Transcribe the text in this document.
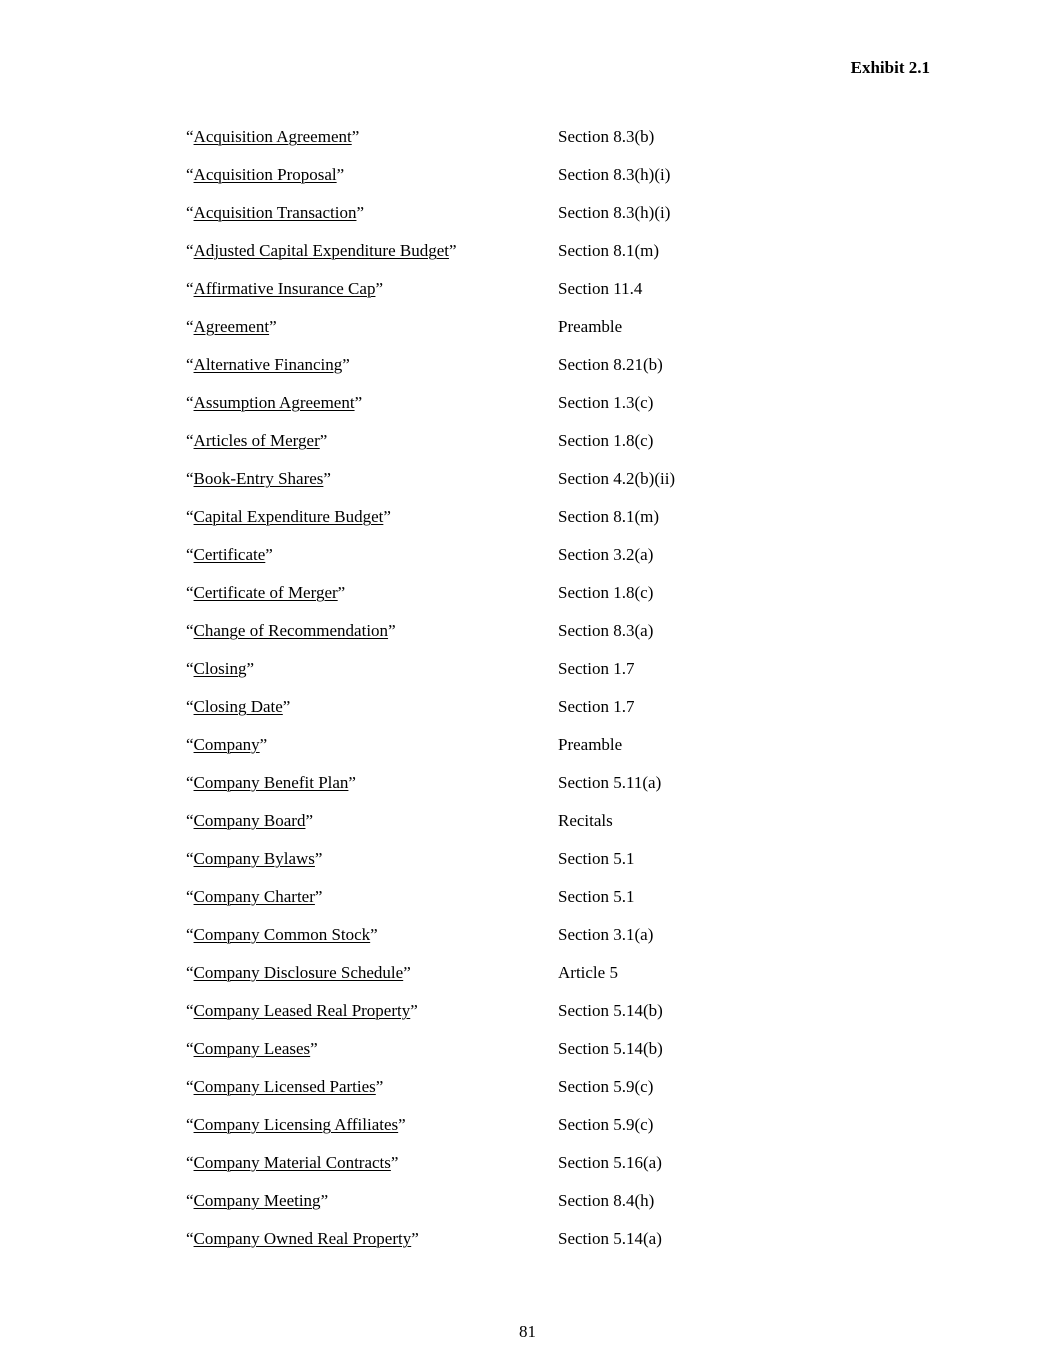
Exhibit 2.1

“Acquisition Agreement”	Section 8.3(b)
“Acquisition Proposal”	Section 8.3(h)(i)
“Acquisition Transaction”	Section 8.3(h)(i)
“Adjusted Capital Expenditure Budget”	Section 8.1(m)
“Affirmative Insurance Cap”	Section 11.4
“Agreement”	Preamble
“Alternative Financing”	Section 8.21(b)
“Assumption Agreement”	Section 1.3(c)
“Articles of Merger”	Section 1.8(c)
“Book-Entry Shares”	Section 4.2(b)(ii)
“Capital Expenditure Budget”	Section 8.1(m)
“Certificate”	Section 3.2(a)
“Certificate of Merger”	Section 1.8(c)
“Change of Recommendation”	Section 8.3(a)
“Closing”	Section 1.7
“Closing Date”	Section 1.7
“Company”	Preamble
“Company Benefit Plan”	Section 5.11(a)
“Company Board”	Recitals
“Company Bylaws”	Section 5.1
“Company Charter”	Section 5.1
“Company Common Stock”	Section 3.1(a)
“Company Disclosure Schedule”	Article 5
“Company Leased Real Property”	Section 5.14(b)
“Company Leases”	Section 5.14(b)
“Company Licensed Parties”	Section 5.9(c)
“Company Licensing Affiliates”	Section 5.9(c)
“Company Material Contracts”	Section 5.16(a)
“Company Meeting”	Section 8.4(h)
“Company Owned Real Property”	Section 5.14(a)

81
